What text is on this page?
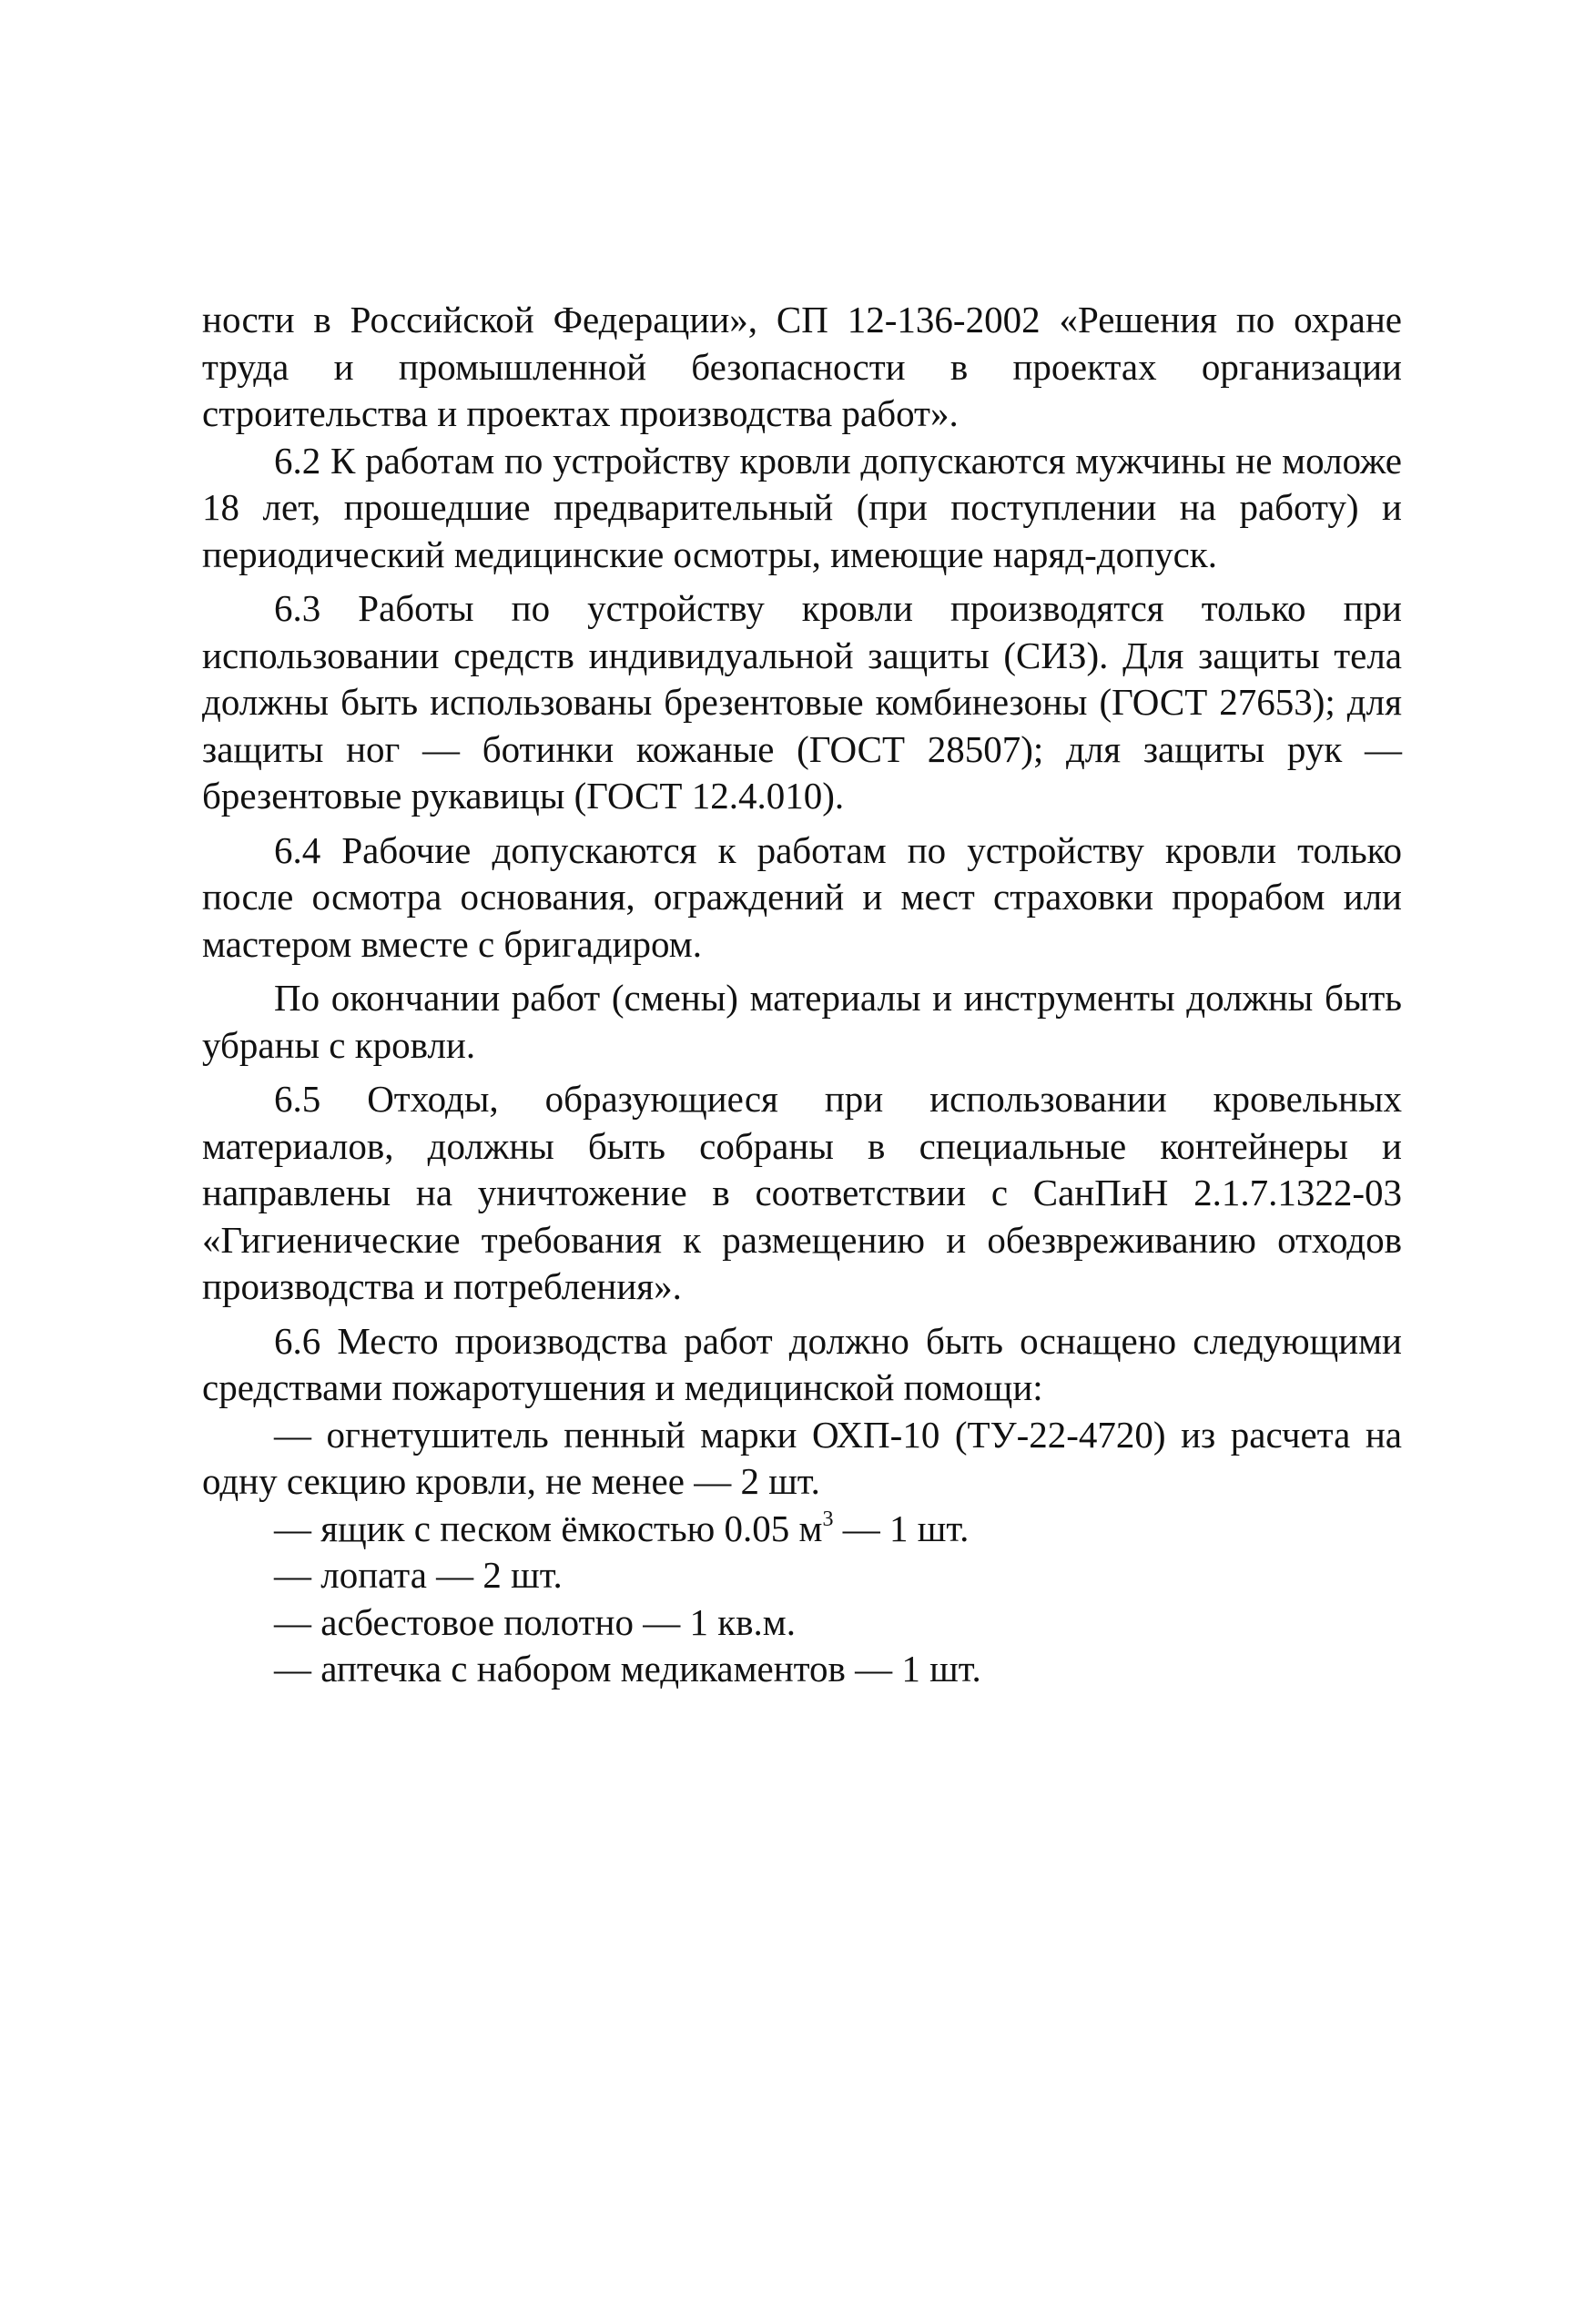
ности в Российской Федерации», СП 12-136-2002 «Решения по охране труда и промышленной безопасности в проектах организации строительства и проектах производства работ».

6.2 К работам по устройству кровли допускаются мужчины не моложе 18 лет, прошедшие предварительный (при поступлении на работу) и периодический медицинские осмотры, имеющие наряд-допуск.

6.3 Работы по устройству кровли производятся только при использовании средств индивидуальной защиты (СИЗ). Для защиты тела должны быть использованы брезентовые комбинезоны (ГОСТ 27653); для защиты ног — ботинки кожаные (ГОСТ 28507); для защиты рук — брезентовые рукавицы (ГОСТ 12.4.010).

6.4 Рабочие допускаются к работам по устройству кровли только после осмотра основания, ограждений и мест страховки прорабом или мастером вместе с бригадиром.

По окончании работ (смены) материалы и инструменты должны быть убраны с кровли.

6.5 Отходы, образующиеся при использовании кровельных материалов, должны быть собраны в специальные контейнеры и направлены на уничтожение в соответствии с СанПиН 2.1.7.1322-03 «Гигиенические требования к размещению и обезвреживанию отходов производства и потребления».

6.6 Место производства работ должно быть оснащено следующими средствами пожаротушения и медицинской помощи:

— огнетушитель пенный марки ОХП-10 (ТУ-22-4720) из расчета на одну секцию кровли, не менее — 2 шт.

— ящик с песком ёмкостью 0.05 $м^3$ — 1 шт.

— лопата — 2 шт.

— асбестовое полотно — 1 кв.м.

— аптечка с набором медикаментов — 1 шт.
